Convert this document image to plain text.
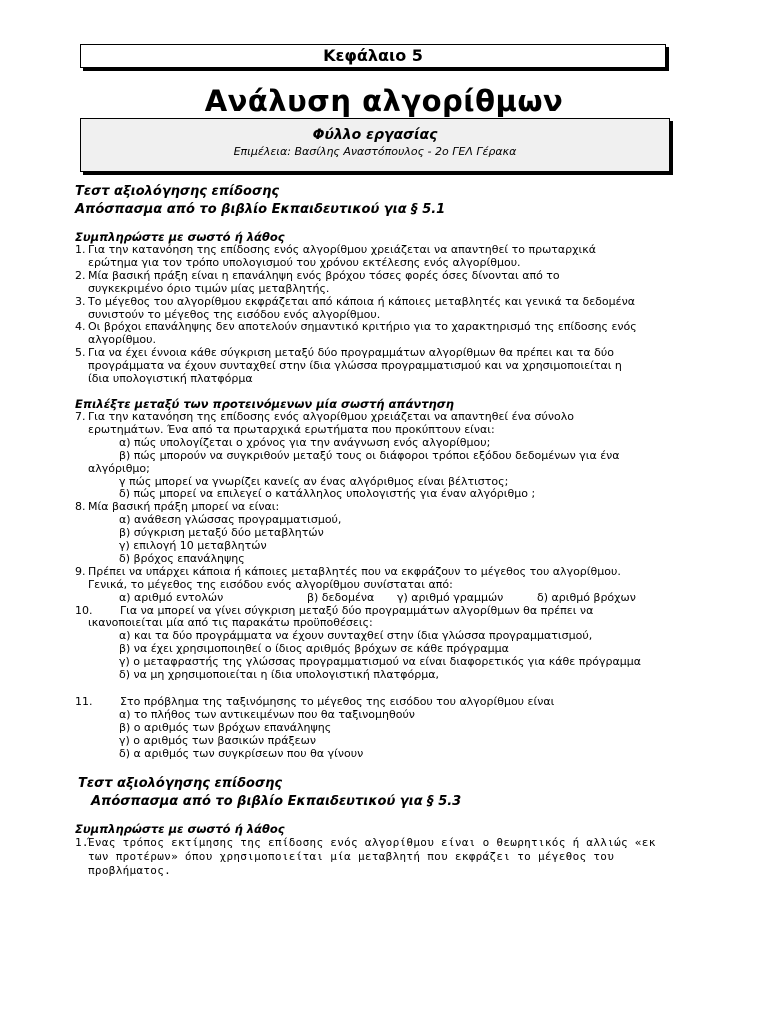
Κεφάλαιο 5
Ανάλυση αλγορίθμων
Φύλλο εργασίας
Επιμέλεια: Βασίλης Αναστόπουλος - 2ο ΓΕΛ Γέρακα
Τεστ αξιολόγησης επίδοσης
Απόσπασμα από το βιβλίο Εκπαιδευτικού για § 5.1
Συμπληρώστε με σωστό ή λάθος
1. Για την κατανόηση της επίδοσης ενός αλγορίθμου χρειάζεται να απαντηθεί το πρωταρχικά
ερώτημα για τον τρόπο υπολογισμού του χρόνου εκτέλεσης ενός αλγορίθμου.
2. Μία βασική πράξη είναι η επανάληψη ενός βρόχου τόσες φορές όσες δίνονται από το
συγκεκριμένο όριο τιμών μίας μεταβλητής.
3. Το μέγεθος του αλγορίθμου εκφράζεται από κάποια ή κάποιες μεταβλητές και γενικά τα δεδομένα
συνιστούν το μέγεθος της εισόδου ενός αλγορίθμου.
4. Οι βρόχοι επανάληψης δεν αποτελούν σημαντικό κριτήριο για το χαρακτηρισμό της επίδοσης ενός
αλγορίθμου.
5. Για να έχει έννοια κάθε σύγκριση μεταξύ δύο προγραμμάτων αλγορίθμων θα πρέπει και τα δύο
προγράμματα να έχουν συνταχθεί στην ίδια γλώσσα προγραμματισμού και να χρησιμοποιείται η
ίδια υπολογιστική πλατφόρμα
Επιλέξτε μεταξύ των προτεινόμενων μία σωστή απάντηση
7. Για την κατανόηση της επίδοσης ενός αλγορίθμου χρειάζεται να απαντηθεί ένα σύνολο
ερωτημάτων. Ένα από τα πρωταρχικά ερωτήματα που προκύπτουν είναι:
α) πώς υπολογίζεται ο χρόνος για την ανάγνωση ενός αλγορίθμου;
β) πώς μπορούν να συγκριθούν μεταξύ τους οι διάφοροι τρόποι εξόδου δεδομένων για ένα
αλγόριθμο;
γ πώς μπορεί να γνωρίζει κανείς αν ένας αλγόριθμος είναι βέλτιστος;
δ) πώς μπορεί να επιλεγεί ο κατάλληλος υπολογιστής για έναν αλγόριθμο ;
8. Μία βασική πράξη μπορεί να είναι:
α) ανάθεση γλώσσας προγραμματισμού,
β) σύγκριση μεταξύ δύο μεταβλητών
γ) επιλογή 10 μεταβλητών
δ) βρόχος επανάληψης
9. Πρέπει να υπάρχει κάποια ή κάποιες μεταβλητές που να εκφράζουν το μέγεθος του αλγορίθμου.
Γενικά, το μέγεθος της εισόδου ενός αλγορίθμου συνίσταται από:
α) αριθμό εντολών	β) δεδομένα	γ) αριθμό γραμμών	δ) αριθμό βρόχων
10.	Για να μπορεί να γίνει σύγκριση μεταξύ δύο προγραμμάτων αλγορίθμων θα πρέπει να
ικανοποιείται μία από τις παρακάτω προϋποθέσεις:
α) και τα δύο προγράμματα να έχουν συνταχθεί στην ίδια γλώσσα προγραμματισμού,
β) να έχει χρησιμοποιηθεί ο ίδιος αριθμός βρόχων σε κάθε πρόγραμμα
γ) ο μεταφραστής της γλώσσας προγραμματισμού να είναι διαφορετικός για κάθε πρόγραμμα
δ) να μη χρησιμοποιείται η ίδια υπολογιστική πλατφόρμα,
11.	Στο πρόβλημα της ταξινόμησης το μέγεθος της εισόδου του αλγορίθμου είναι
α) το πλήθος των αντικειμένων που θα ταξινομηθούν
β) ο αριθμός των βρόχων επανάληψης
γ) ο αριθμός των βασικών πράξεων
δ) α αριθμός των συγκρίσεων που θα γίνουν
Τεστ αξιολόγησης επίδοσης
Απόσπασμα από το βιβλίο Εκπαιδευτικού για § 5.3
Συμπληρώστε με σωστό ή λάθος
1. Ένας τρόπος εκτίμησης της επίδοσης ενός αλγορίθμου είναι ο θεωρητικός ή αλλιώς «εκ
των προτέρων» όπου χρησιμοποιείται μία μεταβλητή που εκφράζει το μέγεθος του
προβλήματος.
